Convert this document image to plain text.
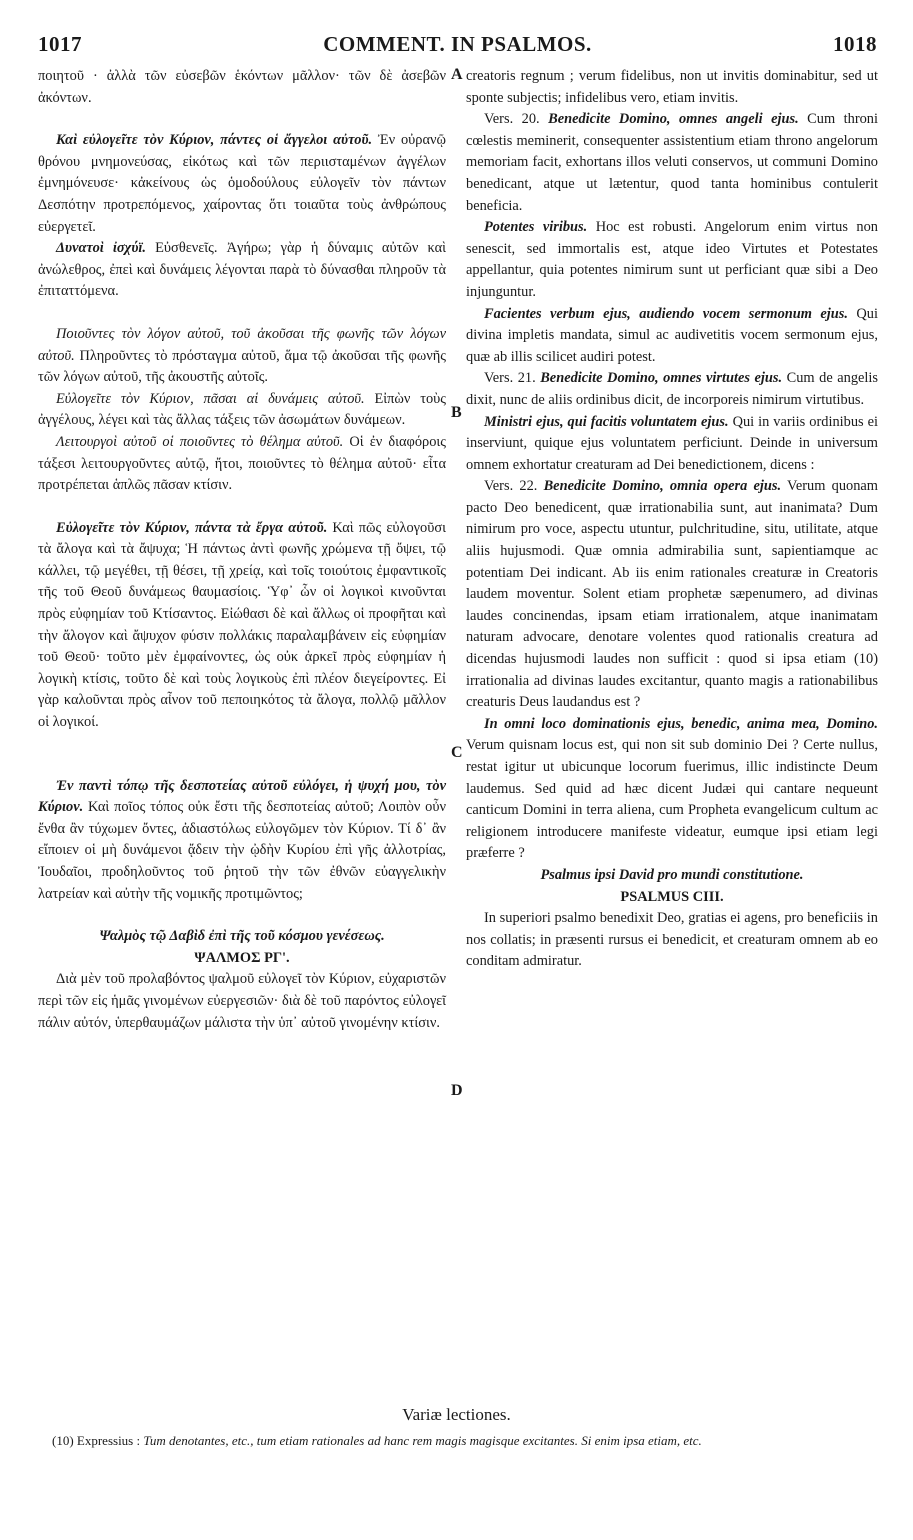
1017	COMMENT. IN PSALMOS.	1018

ποιητοῦ · ἀλλὰ τῶν εὐσεβῶν ἑκόντων μᾶλλον· τῶν δὲ ἀσεβῶν ἀκόντων.

Καὶ εὐλογεῖτε τὸν Κύριον, πάντες οἱ ἄγγελοι αὐτοῦ. Ἐν οὐρανῷ θρόνου μνημονεύσας, εἰκότως καὶ τῶν περιισταμένων ἀγγέλων ἐμνημόνευσε· κἀκείνους ὡς ὁμοδούλους εὐλογεῖν τὸν πάντων Δεσπότην προτρεπόμενος, χαίροντας ὅτι τοιαῦτα τοὺς ἀνθρώπους εὐεργετεῖ.

Δυνατοὶ ἰσχύϊ. Εὐσθενεῖς. Ἀγήρω; γὰρ ἡ δύναμις αὐτῶν καὶ ἀνώλεθρος, ἐπεὶ καὶ δυνάμεις λέγονται παρὰ τὸ δύνασθαι πληροῦν τὰ ἐπιταττόμενα.

Ποιοῦντες τὸν λόγον αὐτοῦ, τοῦ ἀκοῦσαι τῆς φωνῆς τῶν λόγων αὐτοῦ. Πληροῦντες τὸ πρόσταγμα αὐτοῦ, ἅμα τῷ ἀκοῦσαι τῆς φωνῆς τῶν λόγων αὐτοῦ, τῆς ἀκουστῆς αὐτοῖς.

Εὐλογεῖτε τὸν Κύριον, πᾶσαι αἱ δυνάμεις αὐτοῦ. Εἰπὼν τοὺς ἀγγέλους, λέγει καὶ τὰς ἄλλας τάξεις τῶν ἀσωμάτων δυνάμεων.

Λειτουργοὶ αὐτοῦ οἱ ποιοῦντες τὸ θέλημα αὐτοῦ. Οἱ ἐν διαφόροις τάξεσι λειτουργοῦντες αὐτῷ, ἤτοι, ποιοῦντες τὸ θέλημα αὐτοῦ· εἶτα προτρέπεται ἁπλῶς πᾶσαν κτίσιν.

Εὐλογεῖτε τὸν Κύριον, πάντα τὰ ἔργα αὐτοῦ. Καὶ πῶς εὐλογοῦσι τὰ ἄλογα καὶ τὰ ἄψυχα; Ἡ πάντως ἀντὶ φωνῆς χρώμενα τῇ ὄψει, τῷ κάλλει, τῷ μεγέθει, τῇ θέσει, τῇ χρείᾳ, καὶ τοῖς τοιούτοις ἐμφαντικοῖς τῆς τοῦ Θεοῦ δυνάμεως θαυμασίοις. Ὑφ᾽ ὧν οἱ λογικοὶ κινοῦνται πρὸς εὐφημίαν τοῦ Κτίσαντος. Εἰώθασι δὲ καὶ ἄλλως οἱ προφῆται καὶ τὴν ἄλογον καὶ ἄψυχον φύσιν πολλάκις παραλαμβάνειν εἰς εὐφημίαν τοῦ Θεοῦ· τοῦτο μὲν ἐμφαίνοντες, ὡς οὐκ ἀρκεῖ πρὸς εὐφημίαν ἡ λογικὴ κτίσις, τοῦτο δὲ καὶ τοὺς λογικοὺς ἐπὶ πλέον διεγείροντες. Εἰ γὰρ καλοῦνται πρὸς αἶνον τοῦ πεποιηκότος τὰ ἄλογα, πολλῷ μᾶλλον οἱ λογικοί.

Ἐν παντὶ τόπῳ τῆς δεσποτείας αὐτοῦ εὐλόγει, ἡ ψυχή μου, τὸν Κύριον. Καὶ ποῖος τόπος οὐκ ἔστι τῆς δεσποτείας αὐτοῦ; Λοιπὸν οὖν ἔνθα ἂν τύχωμεν ὄντες, ἀδιαστόλως εὐλογῶμεν τὸν Κύριον. Τί δ᾽ ἂν εἴποιεν οἱ μὴ δυνάμενοι ᾄδειν τὴν ᾠδὴν Κυρίου ἐπὶ γῆς ἀλλοτρίας, Ἰουδαῖοι, προδηλοῦντος τοῦ ῥητοῦ τὴν τῶν ἐθνῶν εὐαγγελικὴν λατρείαν καὶ αὐτὴν τῆς νομικῆς προτιμῶντος;

Ψαλμὸς τῷ Δαβὶδ ἐπὶ τῆς τοῦ κόσμου γενέσεως.

ΨΑΛΜΟΣ ΡΓ'.

Διὰ μὲν τοῦ προλαβόντος ψαλμοῦ εὐλογεῖ τὸν Κύριον, εὐχαριστῶν περὶ τῶν εἰς ἡμᾶς γινομένων εὐεργεσιῶν· διὰ δὲ τοῦ παρόντος εὐλογεῖ πάλιν αὐτόν, ὑπερθαυμάζων μάλιστα τὴν ὑπ᾽ αὐτοῦ γινομένην κτίσιν.

creatoris regnum ; verum fidelibus, non ut invitis dominabitur, sed ut sponte subjectis; infidelibus vero, etiam invitis.

Vers. 20. Benedicite Domino, omnes angeli ejus. Cum throni cœlestis meminerit, consequenter assistentium etiam throno angelorum memoriam facit, exhortans illos veluti conservos, ut communi Domino benedicant, atque ut lætentur, quod tanta hominibus contulerit beneficia.

Potentes viribus. Hoc est robusti. Angelorum enim virtus non senescit, sed immortalis est, atque ideo Virtutes et Potestates appellantur, quia potentes nimirum sunt ut perficiant quæ sibi a Deo injunguntur.

Facientes verbum ejus, audiendo vocem sermonum ejus. Qui divina impletis mandata, simul ac audivetitis vocem sermonum ejus, quæ ab illis scilicet audiri potest.

Vers. 21. Benedicite Domino, omnes virtutes ejus. Cum de angelis dixit, nunc de aliis ordinibus dicit, de incorporeis nimirum virtutibus.

Ministri ejus, qui facitis voluntatem ejus. Qui in variis ordinibus ei inserviunt, quique ejus voluntatem perficiunt. Deinde in universum omnem exhortatur creaturam ad Dei benedictionem, dicens :

Vers. 22. Benedicite Domino, omnia opera ejus. Verum quonam pacto Deo benedicent, quæ irrationabilia sunt, aut inanimata? Dum nimirum pro voce, aspectu utuntur, pulchritudine, situ, utilitate, atque aliis hujusmodi. Quæ omnia admirabilia sunt, sapientiamque ac potentiam Dei indicant. Ab iis enim rationales creaturæ in Creatoris laudem moventur. Solent etiam prophetæ sæpenumero, ad divinas laudes concinendas, ipsam etiam irrationalem, atque inanimatam naturam advocare, denotare volentes quod rationalis creatura ad dicendas hujusmodi laudes non sufficit : quod si ipsa etiam (10) irrationalia ad divinas laudes excitantur, quanto magis a rationabilibus creaturis Deus laudandus est ?

In omni loco dominationis ejus, benedic, anima mea, Domino. Verum quisnam locus est, qui non sit sub dominio Dei ? Certe nullus, restat igitur ut ubicunque locorum fuerimus, illic indistincte Deum laudemus. Sed quid ad hæc dicent Judæi qui cantare nequeunt canticum Domini in terra aliena, cum Propheta evangelicum cultum ac religionem introducere manifeste videatur, eumque ipsi etiam legi præferre ?

Psalmus ipsi David pro mundi constitutione.

PSALMUS CIII.

In superiori psalmo benedixit Deo, gratias ei agens, pro beneficiis in nos collatis; in præsenti rursus ei benedicit, et creaturam omnem ab eo conditam admiratur.

A
B
C
D
Variæ lectiones.
(10) Expressius : Tum denotantes, etc., tum etiam rationales ad hanc rem magis magisque excitantes. Si enim ipsa etiam, etc.
